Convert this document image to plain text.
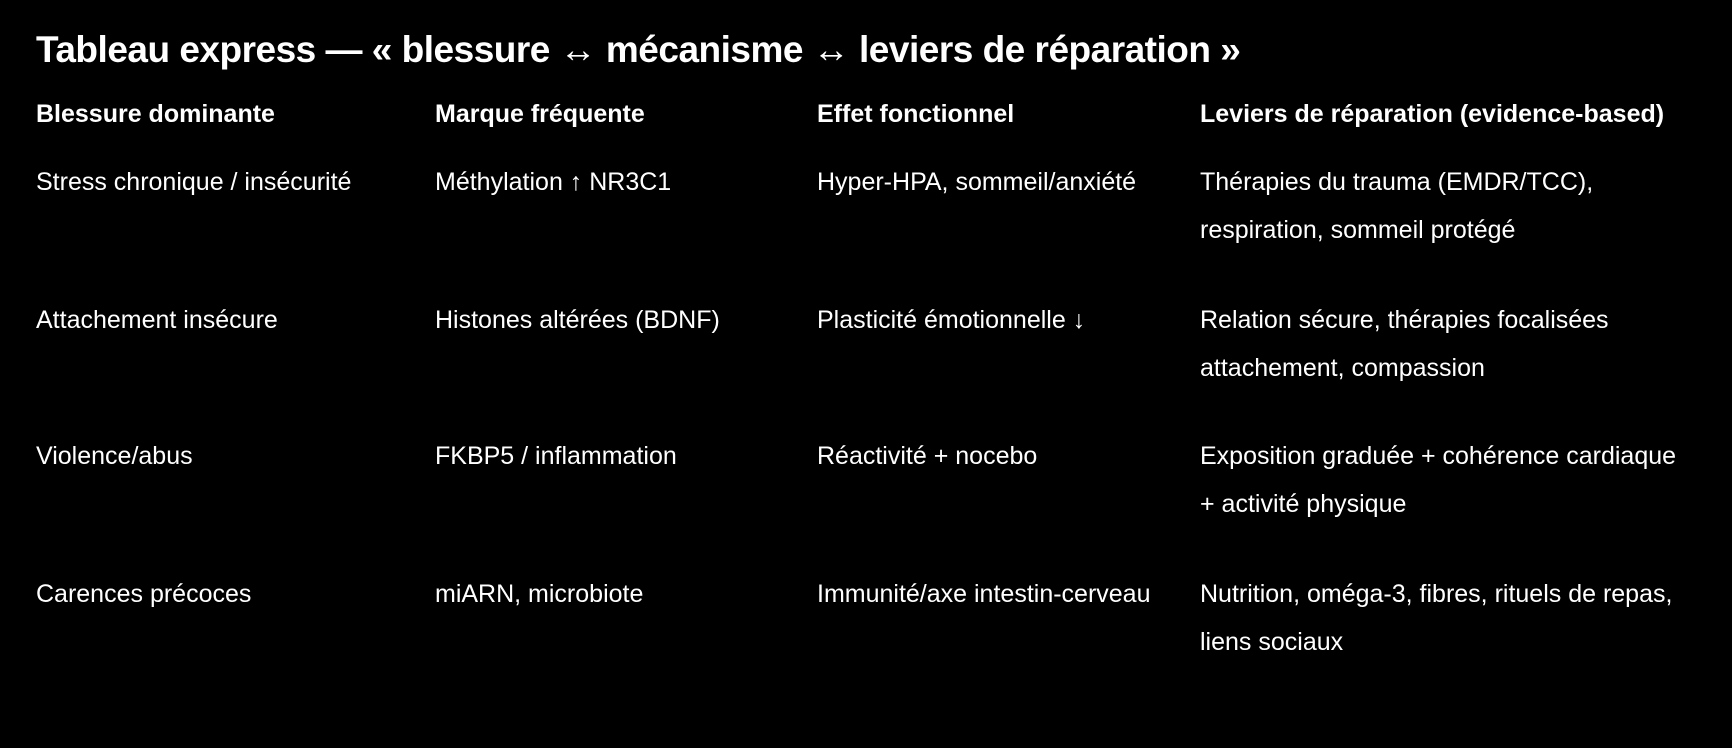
Tableau express — « blessure ↔ mécanisme ↔ leviers de réparation »
Blessure dominante	Marque fréquente	Effet fonctionnel	Leviers de réparation (evidence-based)
Stress chronique / insécurité	Méthylation ↑ NR3C1	Hyper-HPA, sommeil/anxiété	Thérapies du trauma (EMDR/TCC), respiration, sommeil protégé
Attachement insécure	Histones altérées (BDNF)	Plasticité émotionnelle ↓	Relation sécure, thérapies focalisées attachement, compassion
Violence/abus	FKBP5 / inflammation	Réactivité + nocebo	Exposition graduée + cohérence cardiaque + activité physique
Carences précoces	miARN, microbiote	Immunité/axe intestin-cerveau	Nutrition, oméga-3, fibres, rituels de repas, liens sociaux
